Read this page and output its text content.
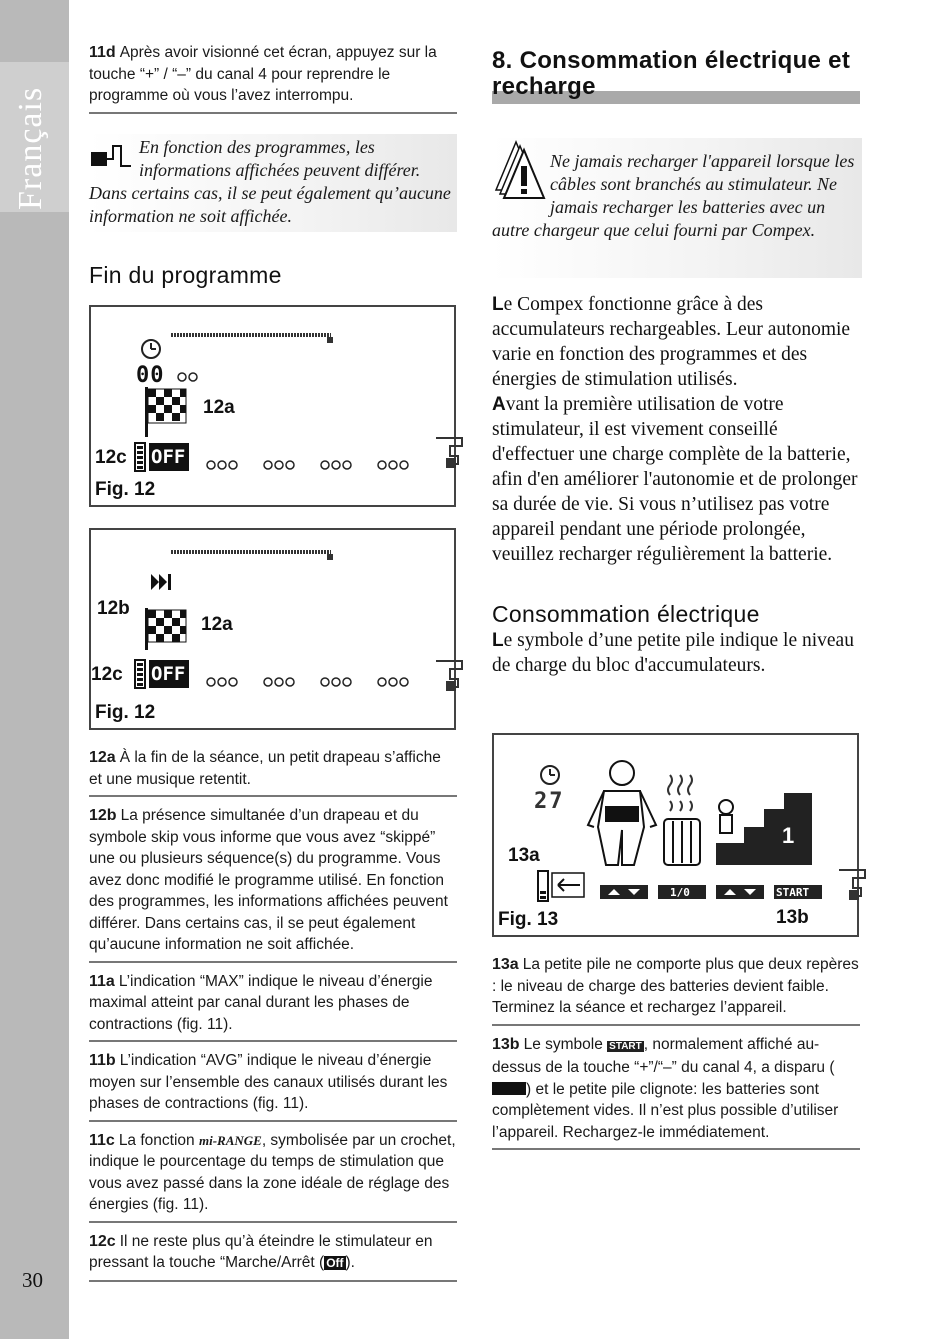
Français
30
11d Après avoir visionné cet écran, appuyez sur la touche “+” / “–” du canal 4 pour reprendre le programme où vous l’avez interrompu.
En fonction des programmes, les informations affichées peuvent différer. Dans certains cas, il se peut également qu’aucune information ne soit affichée.
Fin du programme
00
OFF
12a
12c
Fig. 12
OFF
12b
12a
12c
Fig. 12
12a À la fin de la séance, un petit drapeau s’affiche et une musique retentit.
12b La présence simultanée d’un drapeau et du symbole skip vous informe que vous avez “skippé” une ou plusieurs séquence(s) du programme. Vous avez donc modifié le programme utilisé. En fonction des programmes, les informations affichées peuvent différer. Dans certains cas, il se peut également qu’aucune information ne soit affichée.
11a L’indication “MAX” indique le niveau d’énergie maximal atteint par canal durant les phases de contractions (fig. 11).
11b L’indication “AVG” indique le niveau d’énergie moyen sur l’ensemble des canaux utilisés durant les phases de contractions (fig. 11).
11c La fonction mi-RANGE, symbolisée par un crochet, indique le pourcentage du temps de stimulation que vous avez passé dans la zone idéale de réglage des énergies (fig. 11).
12c Il ne reste plus qu’à éteindre le stimulateur en pressant la touche “Marche/Arrêt ( Off ).
8. Consommation électrique et recharge
Ne jamais recharger l'appareil lorsque les câbles sont branchés au stimulateur. Ne jamais recharger les batteries avec un autre chargeur que celui fourni par Compex.

Le Compex fonctionne grâce à des accumulateurs rechargeables. Leur autonomie varie en fonction des programmes et des énergies de stimulation utilisés.

Avant la première utilisation de votre stimulateur, il est vivement conseillé d'effectuer une charge complète de la batterie, afin d'en améliorer l'autonomie et de prolonger sa durée de vie. Si vous n’utilisez pas votre appareil pendant une période prolongée, veuillez recharger régulièrement la batterie.

Consommation électrique

Le symbole d’une petite pile indique le niveau de charge du bloc d'accumulateurs.

27
1
1/0	START
13a
13b
Fig. 13
13a La petite pile ne comporte plus que deux repères : le niveau de charge des batteries devient faible. Terminez la séance et rechargez l’appareil.
13b Le symbole START , normalement affiché au-dessus de la touche “+”/“–” du canal 4, a disparu () et le petite pile clignote: les batteries sont complètement vides. Il n’est plus possible d’utiliser l’appareil. Rechargez-le immédiatement.
